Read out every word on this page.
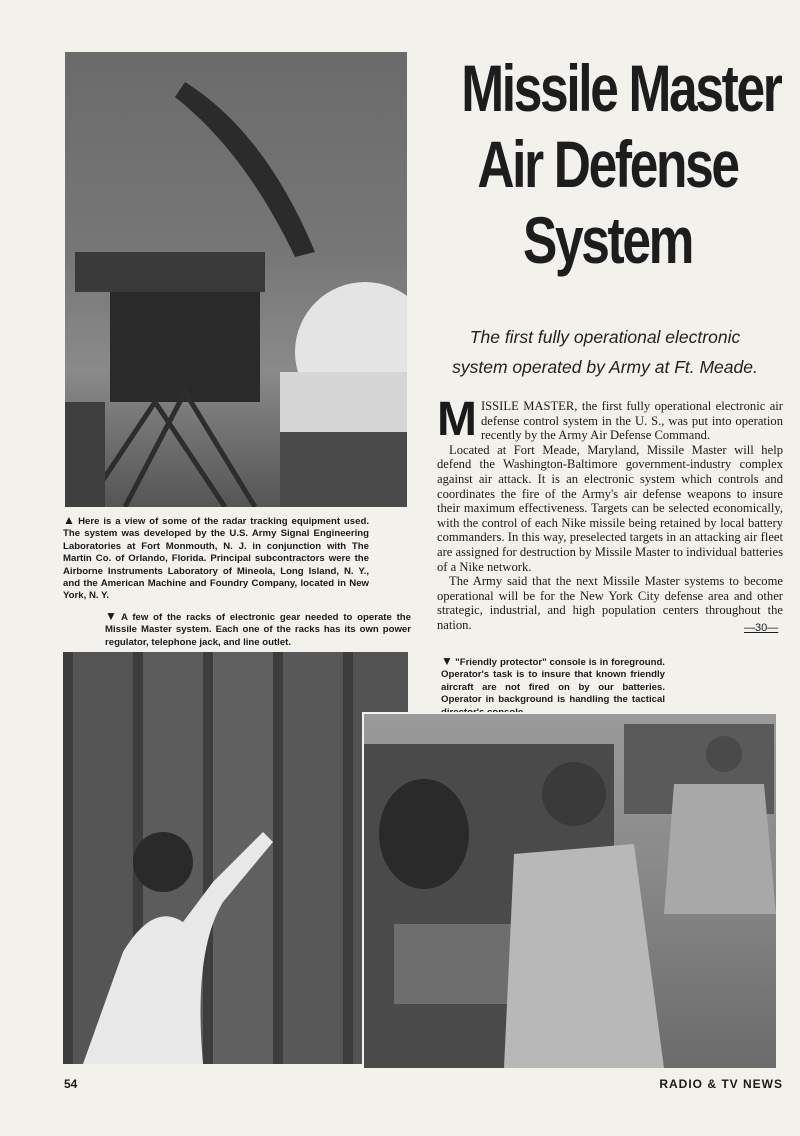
Missile Master
Air Defense
System
The first fully operational electronic
system operated by Army at Ft. Meade.
▲ Here is a view of some of the radar tracking equipment used. The system was developed by the U.S. Army Signal Engineering Laboratories at Fort Monmouth, N. J. in conjunction with The Martin Co. of Orlando, Florida. Principal subcontractors were the Airborne Instruments Laboratory of Mineola, Long Island, N. Y., and the American Machine and Foundry Company, located in New York, N. Y.
▼ A few of the racks of electronic gear needed to operate the Missile Master system. Each one of the racks has its own power regulator, telephone jack, and line outlet.

MISSILE MASTER, the first fully operational electronic air defense control system in the U. S., was put into operation recently by the Army Air Defense Command.

Located at Fort Meade, Maryland, Missile Master will help defend the Washington-Baltimore government-industry complex against air attack. It is an electronic system which controls and coordinates the fire of the Army's air defense weapons to insure their maximum effectiveness. Targets can be selected economically, with the control of each Nike missile being retained by local battery commanders. In this way, preselected targets in an attacking air fleet are assigned for destruction by Missile Master to individual batteries of a Nike network.

The Army said that the next Missile Master systems to become operational will be for the New York City defense area and other strategic, industrial, and high population centers throughout the nation.	—30—
▼ "Friendly protector" console is in foreground. Operator's task is to insure that known friendly aircraft are not fired on by our batteries. Operator in background is handling the tactical
54	RADIO & TV NEWS
